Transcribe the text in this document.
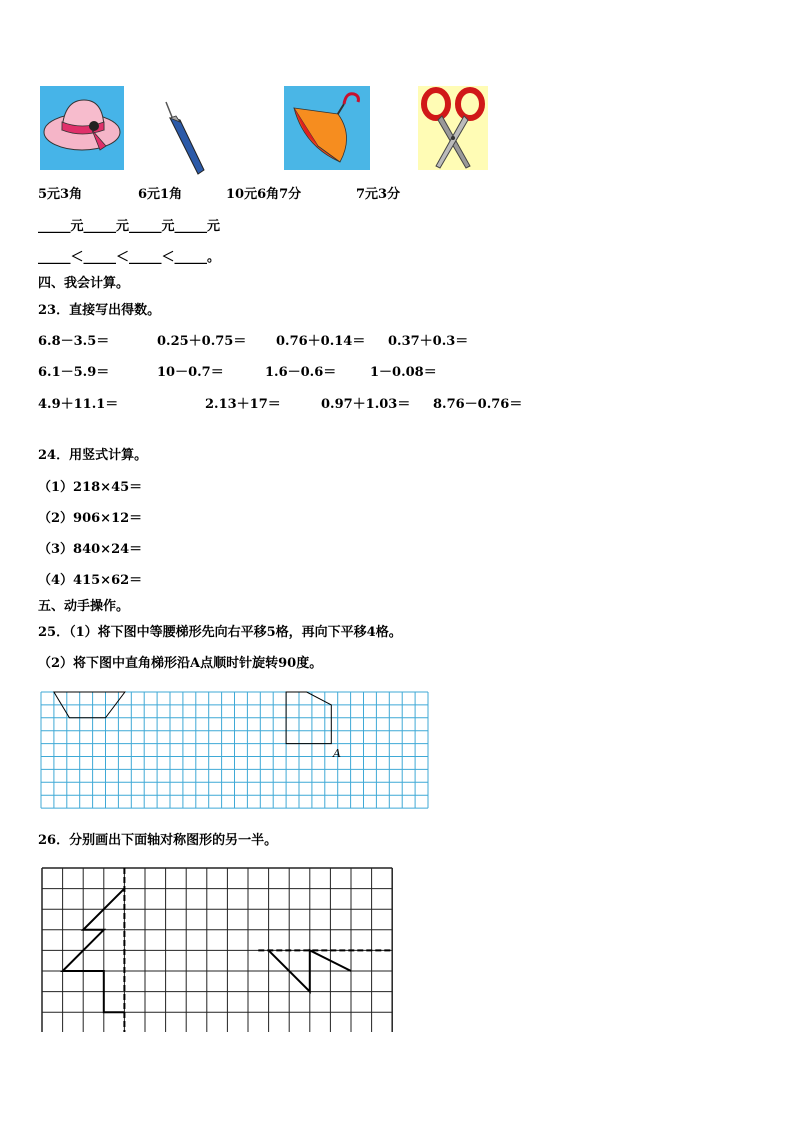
5元3角	6元1角	10元6角7分	7元3分
_____元_____元_____元_____元
_____＜_____＜_____＜_____。
四、我会计算。
23．直接写出得数。
6.8－3.5＝	0.25＋0.75＝ 0.76＋0.14＝ 0.37＋0.3＝
6.1－5.9＝	10－0.7＝	1.6－0.6＝	1－0.08＝
4.9＋11.1＝	2.13＋17＝	0.97＋1.03＝ 8.76－0.76＝
24．用竖式计算。
（1）218×45＝
（2）906×12＝
（3）840×24＝
（4）415×62＝
五、动手操作。
25．（1）将下图中等腰梯形先向右平移5格，再向下平移4格。
（2）将下图中直角梯形沿A点顺时针旋转90度。
A
26．分别画出下面轴对称图形的另一半。
